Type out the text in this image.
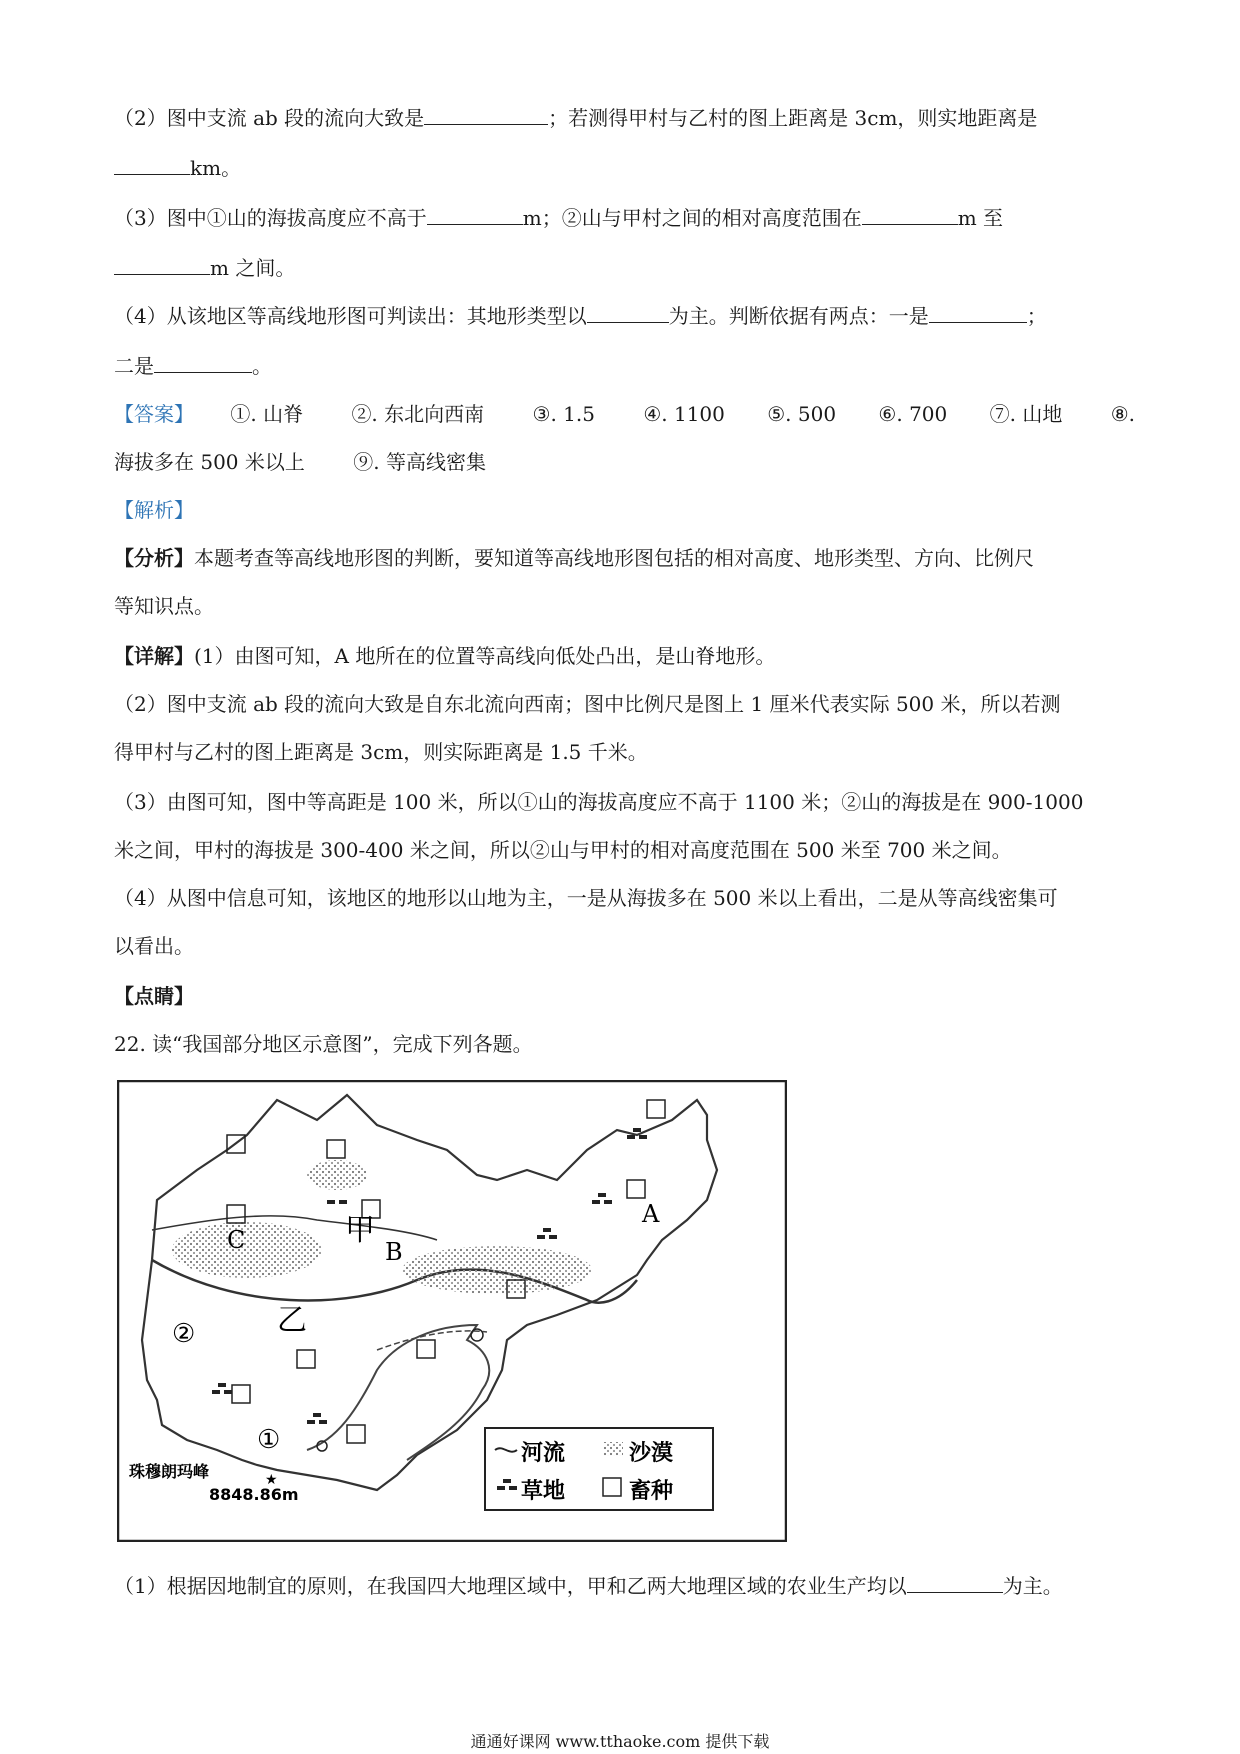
（2）图中支流 ab 段的流向大致是	；若测得甲村与乙村的图上距离是 3cm，则实地距离是
km。
（3）图中①山的海拔高度应不高于	m；②山与甲村之间的相对高度范围在	m 至
m 之间。
（4）从该地区等高线地形图可判读出：其地形类型以	为主。判断依据有两点：一是	；
二是	。
【答案】 ①. 山脊 ②. 东北向西南 ③. 1.5 ④. 1100 ⑤. 500 ⑥. 700 ⑦. 山地 ⑧.
海拔多在 500 米以上 ⑨. 等高线密集
【解析】
【分析】本题考查等高线地形图的判断，要知道等高线地形图包括的相对高度、地形类型、方向、比例尺
等知识点。
【详解】(1）由图可知，A 地所在的位置等高线向低处凸出，是山脊地形。
（2）图中支流 ab 段的流向大致是自东北流向西南；图中比例尺是图上 1 厘米代表实际 500 米，所以若测
得甲村与乙村的图上距离是 3cm，则实际距离是 1.5 千米。
（3）由图可知，图中等高距是 100 米，所以①山的海拔高度应不高于 1100 米；②山的海拔是在 900-1000
米之间，甲村的海拔是 300-400 米之间，所以②山与甲村的相对高度范围在 500 米至 700 米之间。
（4）从图中信息可知，该地区的地形以山地为主，一是从海拔多在 500 米以上看出，二是从等高线密集可
以看出。
【点睛】
22. 读“我国部分地区示意图”，完成下列各题。
甲
乙
A
B
C
①
②
珠穆朗玛峰
8848.86m
★
河流	沙漠
草地	畜种
（1）根据因地制宜的原则，在我国四大地理区域中，甲和乙两大地理区域的农业生产均以	为主。
通通好课网 www.tthaoke.com 提供下载
